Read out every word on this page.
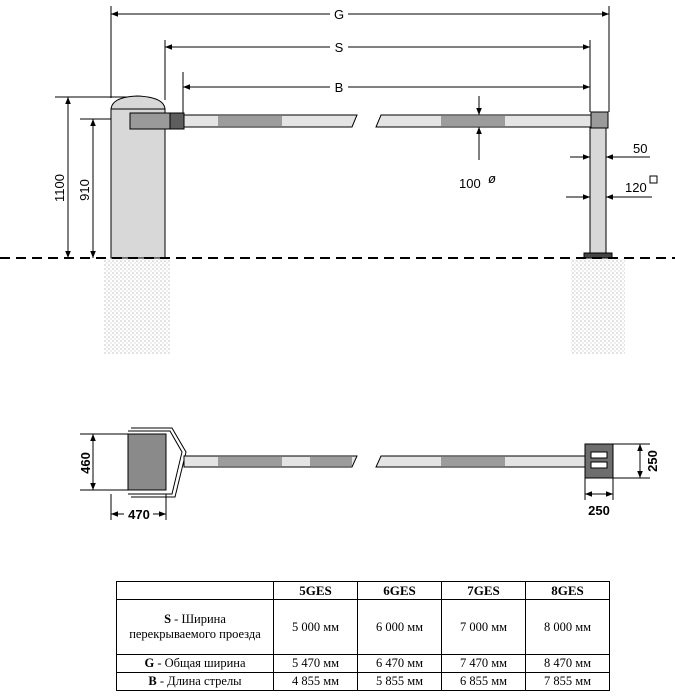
G
S
B
1100 910	100 ø
50
120
460
470
250
250
	5GES	6GES	7GES	8GES
S - Ширина перекрываемого проезда	5 000 мм	6 000 мм	7 000 мм	8 000 мм
G - Общая ширина	5 470 мм	6 470 мм	7 470 мм	8 470 мм
B - Длина стрелы	4 855 мм	5 855 мм	6 855 мм	7 855 мм
